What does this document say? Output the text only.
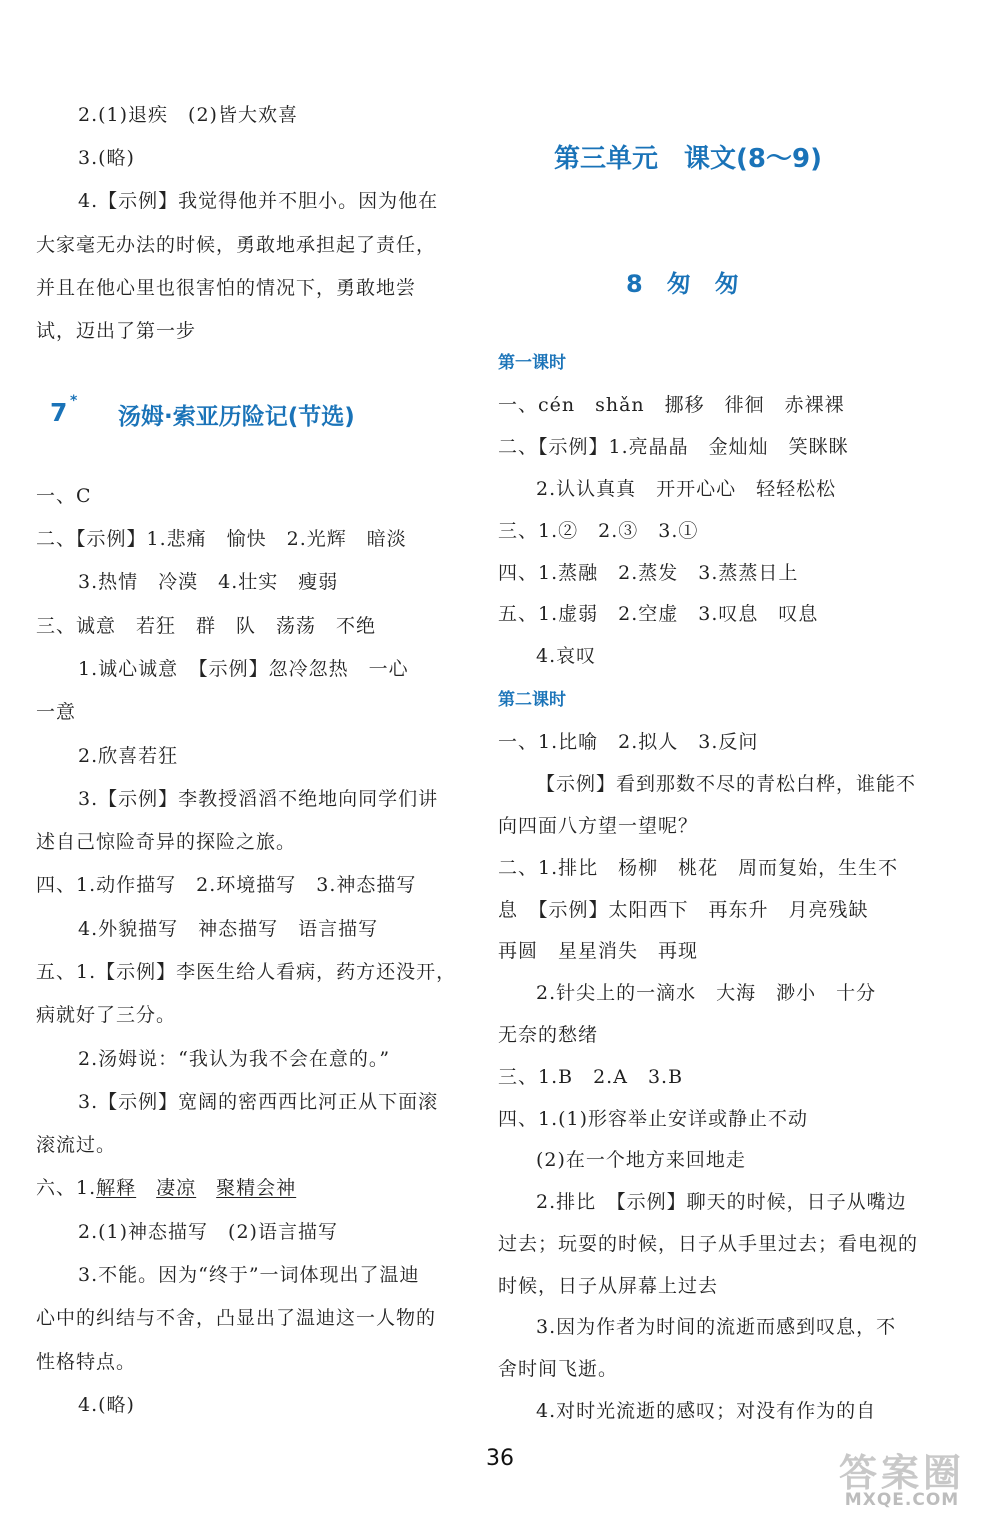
2.(1)退疾　(2)皆大欢喜
3.(略)
4.【示例】我觉得他并不胆小。因为他在
大家毫无办法的时候，勇敢地承担起了责任，
并且在他心里也很害怕的情况下，勇敢地尝
试，迈出了第一步
7 *
汤姆·索亚历险记(节选)
一、C
二、【示例】1.悲痛　愉快　2.光辉　暗淡
3.热情　冷漠　4.壮实　瘦弱
三、诚意　若狂　群　队　荡荡　不绝
1.诚心诚意　【示例】忽冷忽热　一心
一意
2.欣喜若狂
3.【示例】李教授滔滔不绝地向同学们讲
述自己惊险奇异的探险之旅。
四、1.动作描写　2.环境描写　3.神态描写
4.外貌描写　神态描写　语言描写
五、1.【示例】李医生给人看病，药方还没开，
病就好了三分。
2.汤姆说：“我认为我不会在意的。”
3.【示例】宽阔的密西西比河正从下面滚
滚流过。
六、1.解释 凄凉 聚精会神
2.(1)神态描写　(2)语言描写
3.不能。因为“终于”一词体现出了温迪
心中的纠结与不舍，凸显出了温迪这一人物的
性格特点。
4.(略)
第三单元　课文(8～9)
8　匆　匆
第一课时
一、cén　shǎn　挪移　徘徊　赤裸裸
二、【示例】1.亮晶晶　金灿灿　笑眯眯
2.认认真真　开开心心　轻轻松松
三、1.②　2.③　3.①
四、1.蒸融　2.蒸发　3.蒸蒸日上
五、1.虚弱　2.空虚　3.叹息　叹息
4.哀叹
第二课时
一、1.比喻　2.拟人　3.反问
【示例】看到那数不尽的青松白桦，谁能不
向四面八方望一望呢？
二、1.排比　杨柳　桃花　周而复始，生生不
息　【示例】太阳西下　再东升　月亮残缺
再圆　星星消失　再现
2.针尖上的一滴水　大海　渺小　十分
无奈的愁绪
三、1.B　2.A　3.B
四、1.(1)形容举止安详或静止不动
(2)在一个地方来回地走
2.排比　【示例】聊天的时候，日子从嘴边
过去；玩耍的时候，日子从手里过去；看电视的
时候，日子从屏幕上过去
3.因为作者为时间的流逝而感到叹息，不
舍时间飞逝。
4.对时光流逝的感叹；对没有作为的自
36	答案圈
MXQE.COM
